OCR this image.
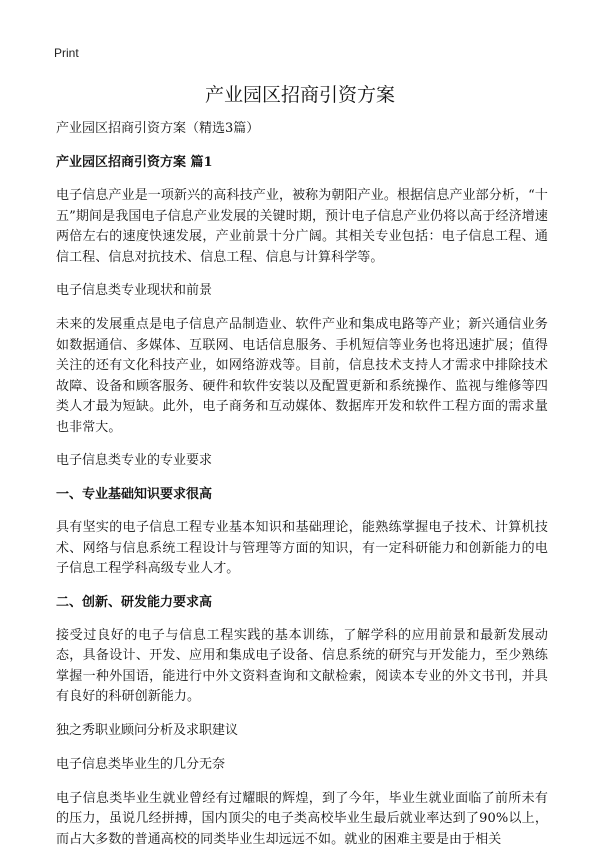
Print
产业园区招商引资方案
产业园区招商引资方案（精选3篇）
产业园区招商引资方案 篇1
电子信息产业是一项新兴的高科技产业，被称为朝阳产业。根据信息产业部分析，“十五”期间是我国电子信息产业发展的关键时期，预计电子信息产业仍将以高于经济增速两倍左右的速度快速发展，产业前景十分广阔。其相关专业包括：电子信息工程、通信工程、信息对抗技术、信息工程、信息与计算科学等。
电子信息类专业现状和前景
未来的发展重点是电子信息产品制造业、软件产业和集成电路等产业；新兴通信业务如数据通信、多媒体、互联网、电话信息服务、手机短信等业务也将迅速扩展；值得关注的还有文化科技产业，如网络游戏等。目前，信息技术支持人才需求中排除技术故障、设备和顾客服务、硬件和软件安装以及配置更新和系统操作、监视与维修等四类人才最为短缺。此外，电子商务和互动媒体、数据库开发和软件工程方面的需求量也非常大。
电子信息类专业的专业要求
一、专业基础知识要求很高
具有坚实的电子信息工程专业基本知识和基础理论，能熟练掌握电子技术、计算机技术、网络与信息系统工程设计与管理等方面的知识，有一定科研能力和创新能力的电子信息工程学科高级专业人才。
二、创新、研发能力要求高
接受过良好的电子与信息工程实践的基本训练，了解学科的应用前景和最新发展动态，具备设计、开发、应用和集成电子设备、信息系统的研究与开发能力，至少熟练掌握一种外国语，能进行中外文资料查询和文献检索，阅读本专业的外文书刊，并具有良好的科研创新能力。
独之秀职业顾问分析及求职建议
电子信息类毕业生的几分无奈
电子信息类毕业生就业曾经有过耀眼的辉煌，到了今年，毕业生就业面临了前所未有的压力，虽说几经拼搏，国内顶尖的电子类高校毕业生最后就业率达到了90%以上，而占大多数的普通高校的同类毕业生却远远不如。就业的困难主要是由于相关
